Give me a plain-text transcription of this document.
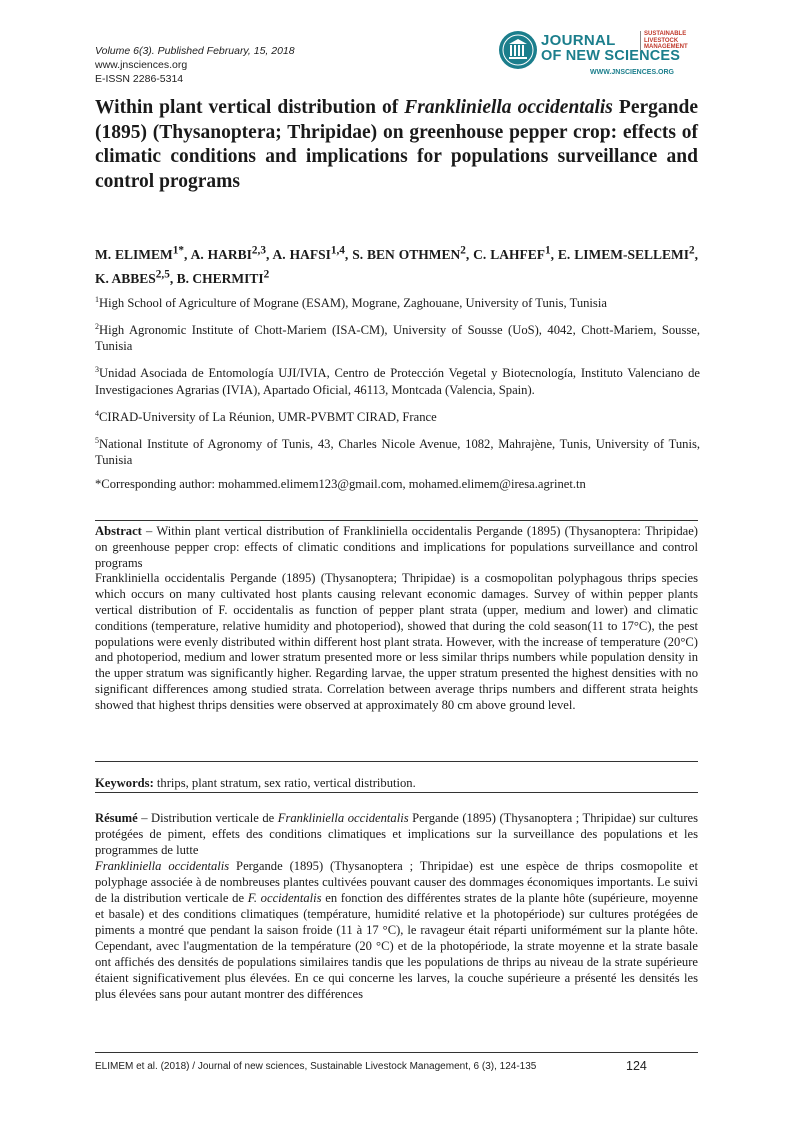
Volume 6(3). Published February, 15, 2018
www.jnsciences.org
E-ISSN 2286-5314
JOURNAL
OF NEW SCIENCES
SUSTAINABLE LIVESTOCK MANAGEMENT
WWW.JNSCIENCES.ORG
Within plant vertical distribution of Frankliniella occidentalis Pergande (1895) (Thysanoptera; Thripidae) on greenhouse pepper crop: effects of climatic conditions and implications for populations surveillance and control programs

M. $ELIMEM^{1*}$, A. HARBI$^{2,3}$, A. HAFSI$^{1,4}$, S. BEN OTHMEN$^2$, C. LAHFEF$^1$, E. LIMEM-SELLEMI$^2$, K. ABBES$^{2,5}$, B. CHERMITI$^2$

$^1$High School of Agriculture of Mograne (ESAM), Mograne, Zaghouane, University of Tunis, Tunisia

$^2$High Agronomic Institute of Chott-Mariem (ISA-CM), University of Sousse (UoS), 4042, Chott-Mariem, Sousse, Tunisia

$^3$Unidad Asociada de Entomología UJI/IVIA, Centro de Protección Vegetal y Biotecnología, Instituto Valenciano de Investigaciones Agrarias (IVIA), Apartado Oficial, 46113, Montcada (Valencia, Spain).

$^4$CIRAD-University of La Réunion, UMR-PVBMT CIRAD, France

$^5$National Institute of Agronomy of Tunis, 43, Charles Nicole Avenue, 1082, Mahrajène, Tunis, University of Tunis, Tunisia

*Corresponding author: mohammed.elimem123@gmail.com, mohamed.elimem@iresa.agrinet.tn

Abstract – Within plant vertical distribution of Frankliniella occidentalis Pergande (1895) (Thysanoptera: Thripidae) on greenhouse pepper crop: effects of climatic conditions and implications for populations surveillance and control programs

Frankliniella occidentalis Pergande (1895) (Thysanoptera; Thripidae) is a cosmopolitan polyphagous thrips species which occurs on many cultivated host plants causing relevant economic damages. Survey of within pepper plants vertical distribution of F. occidentalis as function of pepper plant strata (upper, medium and lower) and climatic conditions (temperature, relative humidity and photoperiod), showed that during the cold season(11 to 17°C), the pest populations were evenly distributed within different host plant strata. However, with the increase of temperature (20°C) and photoperiod, medium and lower stratum presented more or less similar thrips numbers while population density in the upper stratum was significantly higher. Regarding larvae, the upper stratum presented the highest densities with no significant differences among studied strata. Correlation between average thrips numbers and different strata heights showed that highest thrips densities were observed at approximately 80 cm above ground level.

Keywords: thrips, plant stratum, sex ratio, vertical distribution.

Résumé – Distribution verticale de Frankliniella occidentalis Pergande (1895) (Thysanoptera ; Thripidae) sur cultures protégées de piment, effets des conditions climatiques et implications sur la surveillance des populations et les programmes de lutte

Frankliniella occidentalis Pergande (1895) (Thysanoptera ; Thripidae) est une espèce de thrips cosmopolite et polyphage associée à de nombreuses plantes cultivées pouvant causer des dommages économiques importants. Le suivi de la distribution verticale de F. occidentalis en fonction des différentes strates de la plante hôte (supérieure, moyenne et basale) et des conditions climatiques (température, humidité relative et la photopériode) sur cultures protégées de piments a montré que pendant la saison froide (11 à 17 °C), le ravageur était réparti uniformément sur la plante hôte. Cependant, avec l'augmentation de la température (20 °C) et de la photopériode, la strate moyenne et la strate basale ont affichés des densités de populations similaires tandis que les populations de thrips au niveau de la strate supérieure étaient significativement plus élevées. En ce qui concerne les larves, la couche supérieure a présenté les densités les plus élevées sans pour autant montrer des différences

ELIMEM et al. (2018) / Journal of new sciences, Sustainable Livestock Management, 6 (3), 124-135	124
